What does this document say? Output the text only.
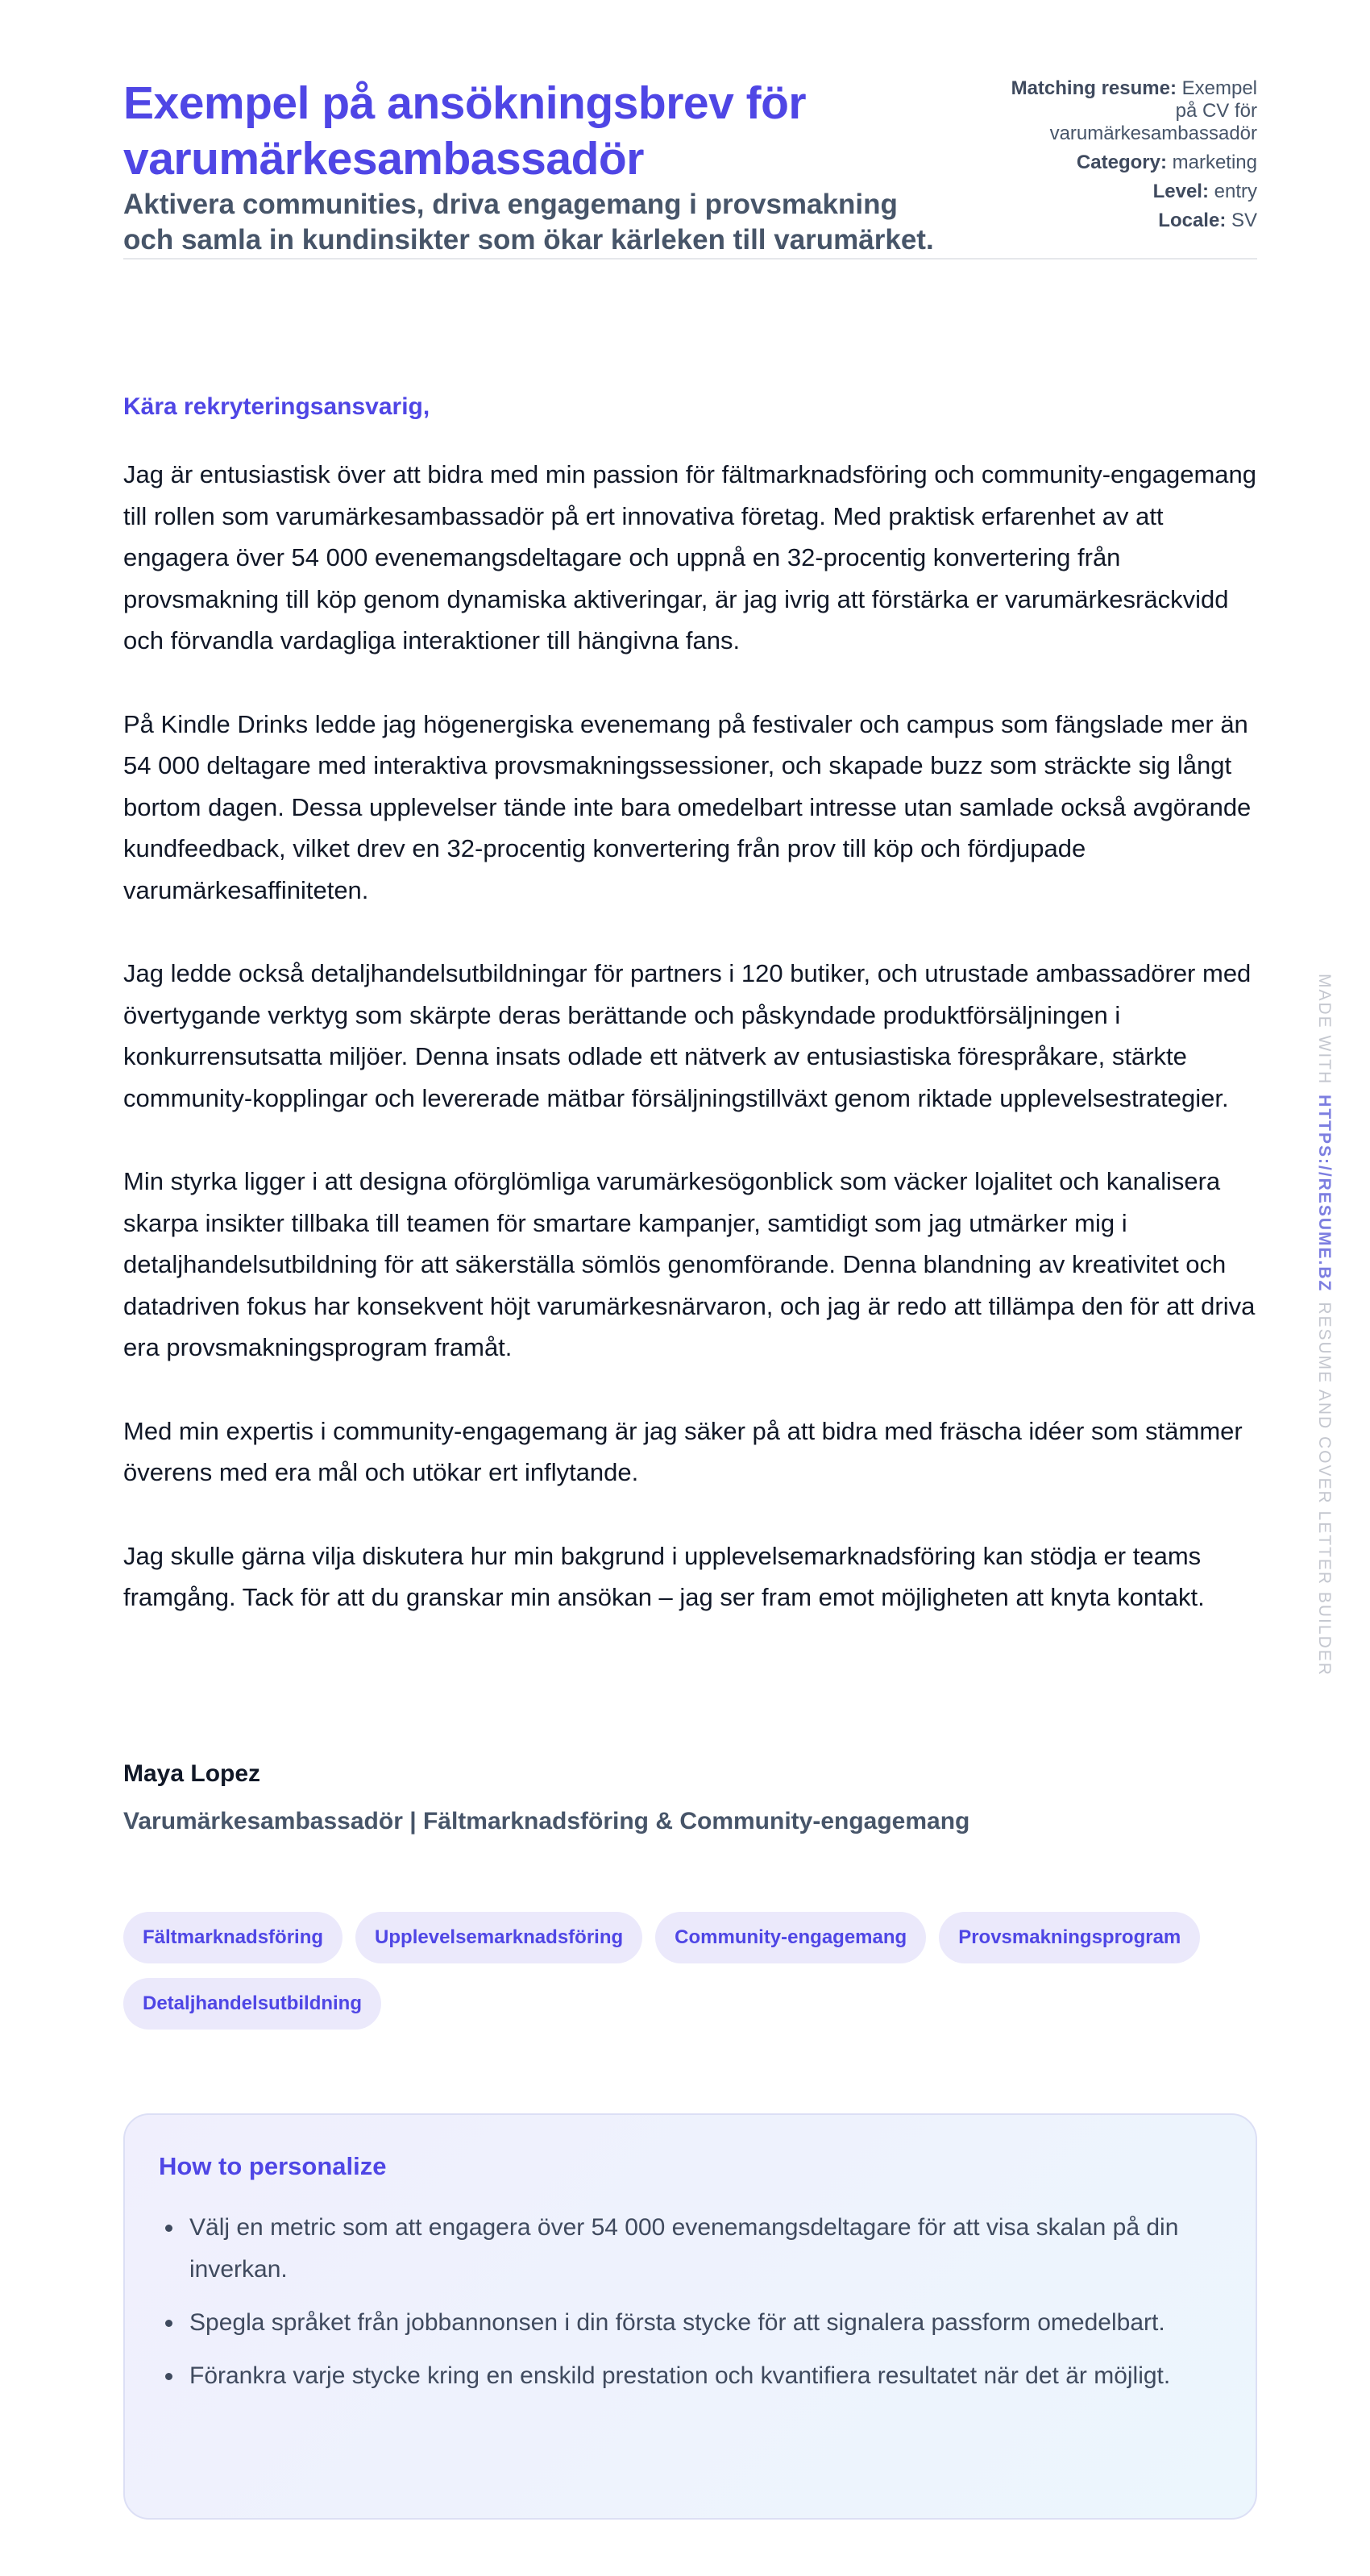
Exempel på ansökningsbrev för varumärkesambassadör

Aktivera communities, driva engagemang i provsmakning och samla in kundinsikter som ökar kärleken till varumärket.

Matching resume: Exempel på CV för varumärkesambassadör
Category: marketing
Level: entry
Locale: SV

Kära rekryteringsansvarig,

Jag är entusiastisk över att bidra med min passion för fältmarknadsföring och community-engagemang till rollen som varumärkesambassadör på ert innovativa företag. Med praktisk erfarenhet av att engagera över 54 000 evenemangsdeltagare och uppnå en 32-procentig konvertering från provsmakning till köp genom dynamiska aktiveringar, är jag ivrig att förstärka er varumärkesräckvidd och förvandla vardagliga interaktioner till hängivna fans.

På Kindle Drinks ledde jag högenergiska evenemang på festivaler och campus som fängslade mer än 54 000 deltagare med interaktiva provsmakningssessioner, och skapade buzz som sträckte sig långt bortom dagen. Dessa upplevelser tände inte bara omedelbart intresse utan samlade också avgörande kundfeedback, vilket drev en 32-procentig konvertering från prov till köp och fördjupade varumärkesaffiniteten.

Jag ledde också detaljhandelsutbildningar för partners i 120 butiker, och utrustade ambassadörer med övertygande verktyg som skärpte deras berättande och påskyndade produktförsäljningen i konkurrensutsatta miljöer. Denna insats odlade ett nätverk av entusiastiska förespråkare, stärkte community-kopplingar och levererade mätbar försäljningstillväxt genom riktade upplevelsestrategier.

Min styrka ligger i att designa oförglömliga varumärkesögonblick som väcker lojalitet och kanalisera skarpa insikter tillbaka till teamen för smartare kampanjer, samtidigt som jag utmärker mig i detaljhandelsutbildning för att säkerställa sömlös genomförande. Denna blandning av kreativitet och datadriven fokus har konsekvent höjt varumärkesnärvaron, och jag är redo att tillämpa den för att driva era provsmakningsprogram framåt.

Med min expertis i community-engagemang är jag säker på att bidra med fräscha idéer som stämmer överens med era mål och utökar ert inflytande.

Jag skulle gärna vilja diskutera hur min bakgrund i upplevelsemarknadsföring kan stödja er teams framgång. Tack för att du granskar min ansökan – jag ser fram emot möjligheten att knyta kontakt.

Maya Lopez

Varumärkesambassadör | Fältmarknadsföring & Community-engagemang

Fältmarknadsföring	Upplevelsemarknadsföring	Community-engagemang	Provsmakningsprogram
Detaljhandelsutbildning
How to personalize
Välj en metric som att engagera över 54 000 evenemangsdeltagare för att visa skalan på din inverkan.
Spegla språket från jobbannonsen i din första stycke för att signalera passform omedelbart.
Förankra varje stycke kring en enskild prestation och kvantifiera resultatet när det är möjligt.
MADE WITHHTTPS://RESUME.BZRESUME AND COVER LETTER BUILDER
